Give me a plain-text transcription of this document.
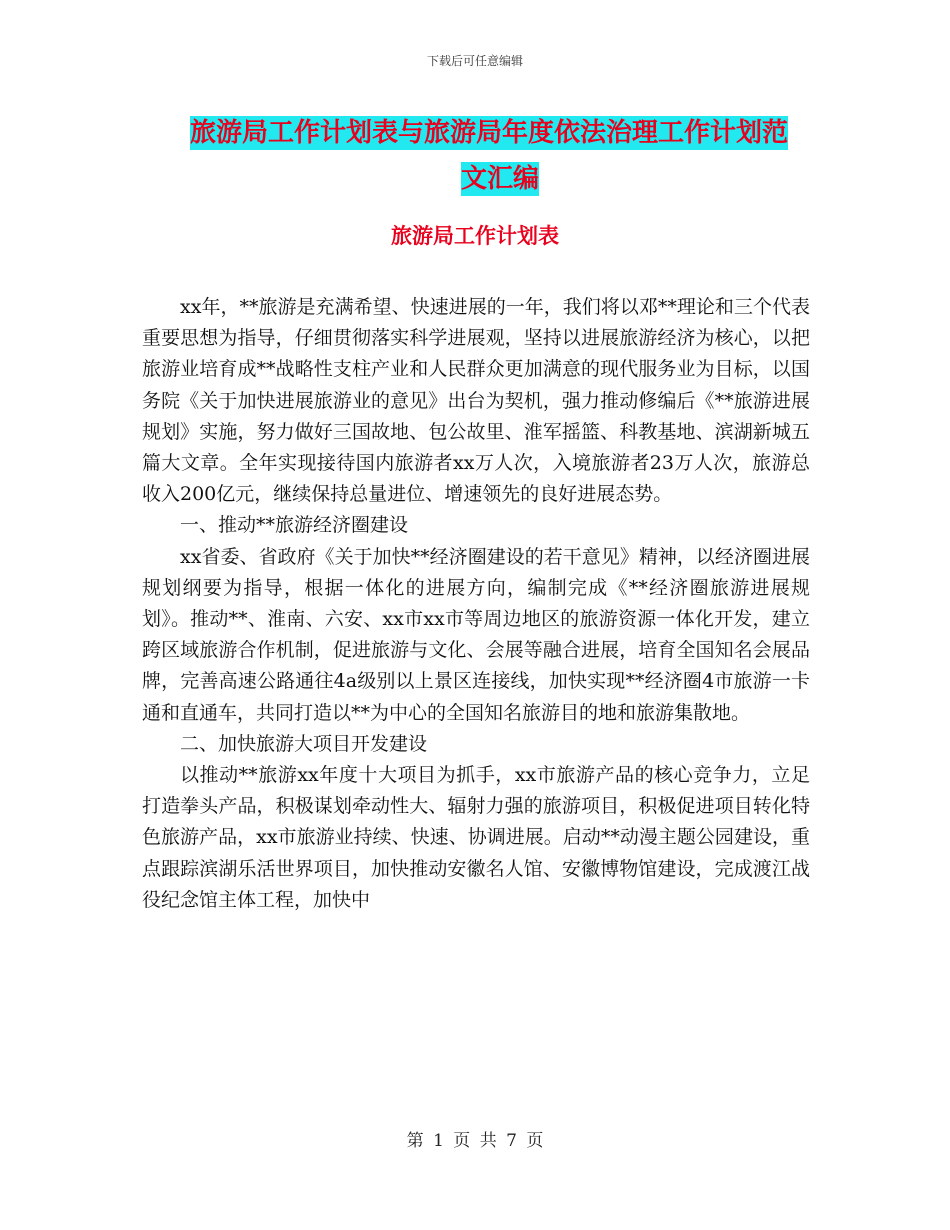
下载后可任意编辑
旅游局工作计划表与旅游局年度依法治理工作计划范
文汇编
旅游局工作计划表

xx年，**旅游是充满希望、快速进展的一年，我们将以邓**理论和三个代表重要思想为指导，仔细贯彻落实科学进展观，坚持以进展旅游经济为核心，以把旅游业培育成**战略性支柱产业和人民群众更加满意的现代服务业为目标，以国务院《关于加快进展旅游业的意见》出台为契机，强力推动修编后《**旅游进展规划》实施，努力做好三国故地、包公故里、淮军摇篮、科教基地、滨湖新城五篇大文章。全年实现接待国内旅游者xx万人次，入境旅游者23万人次，旅游总收入200亿元，继续保持总量进位、增速领先的良好进展态势。

一、推动**旅游经济圈建设

xx省委、省政府《关于加快**经济圈建设的若干意见》精神，以经济圈进展规划纲要为指导，根据一体化的进展方向，编制完成《**经济圈旅游进展规划》。推动**、淮南、六安、xx市xx市等周边地区的旅游资源一体化开发，建立跨区域旅游合作机制，促进旅游与文化、会展等融合进展，培育全国知名会展品牌，完善高速公路通往4a级别以上景区连接线，加快实现**经济圈4市旅游一卡通和直通车，共同打造以**为中心的全国知名旅游目的地和旅游集散地。

二、加快旅游大项目开发建设

以推动**旅游xx年度十大项目为抓手，xx市旅游产品的核心竞争力，立足打造拳头产品，积极谋划牵动性大、辐射力强的旅游项目，积极促进项目转化特色旅游产品，xx市旅游业持续、快速、协调进展。启动**动漫主题公园建设，重点跟踪滨湖乐活世界项目，加快推动安徽名人馆、安徽博物馆建设，完成渡江战役纪念馆主体工程，加快中

第 1 页 共 7 页
